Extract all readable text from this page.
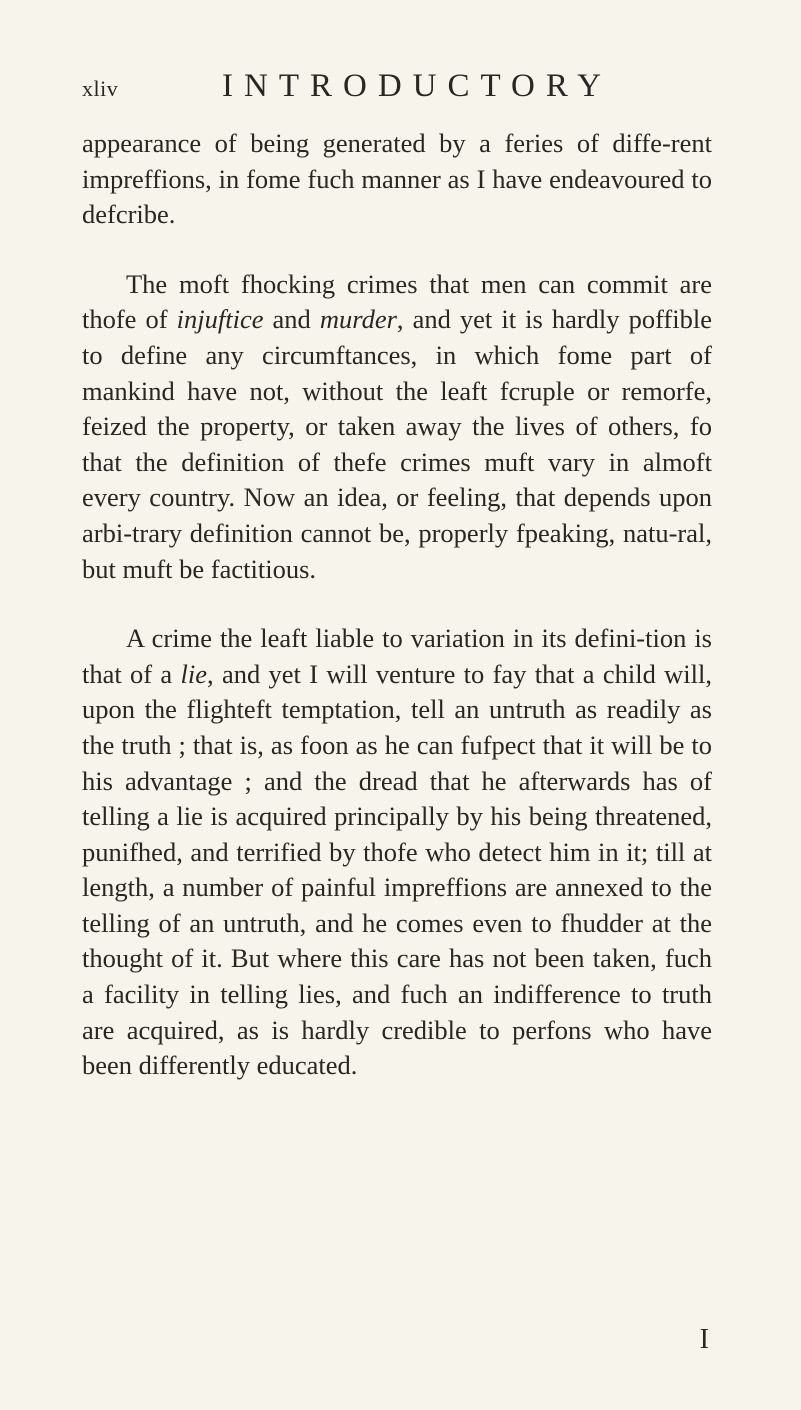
xliv	INTRODUCTORY

appearance of being generated by a feries of diffe-rent impreffions, in fome fuch manner as I have endeavoured to defcribe.

The moft fhocking crimes that men can commit are thofe of injuftice and murder, and yet it is hardly poffible to define any circumftances, in which fome part of mankind have not, without the leaft fcruple or remorfe, feized the property, or taken away the lives of others, fo that the definition of thefe crimes muft vary in almoft every country. Now an idea, or feeling, that depends upon arbi-trary definition cannot be, properly fpeaking, natu-ral, but muft be factitious.

A crime the leaft liable to variation in its defini-tion is that of a lie, and yet I will venture to fay that a child will, upon the flighteft temptation, tell an untruth as readily as the truth ; that is, as foon as he can fufpect that it will be to his advantage ; and the dread that he afterwards has of telling a lie is acquired principally by his being threatened, punifhed, and terrified by thofe who detect him in it; till at length, a number of painful impreffions are annexed to the telling of an untruth, and he comes even to fhudder at the thought of it. But where this care has not been taken, fuch a facility in telling lies, and fuch an indifference to truth are acquired, as is hardly credible to perfons who have been differently educated.

I
